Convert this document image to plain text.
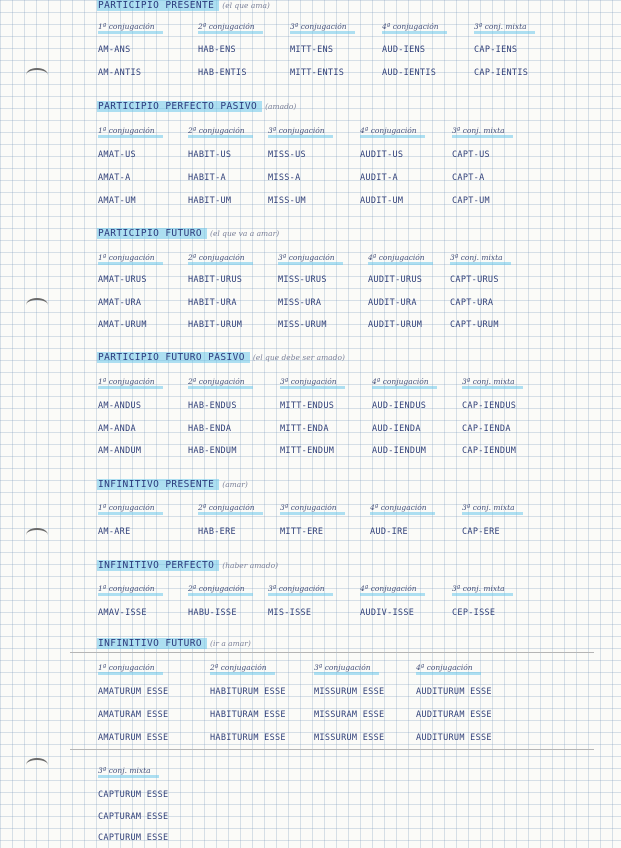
PARTICIPIO PRESENTE (el que ama)
1ª conjugación	2ª conjugación	3ª conjugación	4ª conjugación	3ª conj. mixta
AM-ANS	HAB-ENS	MITT-ENS	AUD-IENS	CAP-IENS
AM-ANTIS	HAB-ENTIS	MITT-ENTIS	AUD-IENTIS	CAP-IENTIS
PARTICIPIO PERFECTO PASIVO (amado)
1ª conjugación	2ª conjugación	3ª conjugación	4ª conjugación	3ª conj. mixta
AMAT-US	HABIT-US	MISS-US	AUDIT-US	CAPT-US
AMAT-A	HABIT-A	MISS-A	AUDIT-A	CAPT-A
AMAT-UM	HABIT-UM	MISS-UM	AUDIT-UM	CAPT-UM
PARTICIPIO FUTURO (el que va a amar)
1ª conjugación	2ª conjugación	3ª conjugación	4ª conjugación	3ª conj. mixta
AMAT-URUS	HABIT-URUS	MISS-URUS	AUDIT-URUS	CAPT-URUS
AMAT-URA	HABIT-URA	MISS-URA	AUDIT-URA	CAPT-URA
AMAT-URUM	HABIT-URUM	MISS-URUM	AUDIT-URUM	CAPT-URUM
PARTICIPIO FUTURO PASIVO (el que debe ser amado)
1ª conjugación	2ª conjugación	3ª conjugación	4ª conjugación	3ª conj. mixta
AM-ANDUS	HAB-ENDUS	MITT-ENDUS	AUD-IENDUS	CAP-IENDUS
AM-ANDA	HAB-ENDA	MITT-ENDA	AUD-IENDA	CAP-IENDA
AM-ANDUM	HAB-ENDUM	MITT-ENDUM	AUD-IENDUM	CAP-IENDUM
INFINITIVO PRESENTE (amar)
1ª conjugación	2ª conjugación	3ª conjugación	4ª conjugación	3ª conj. mixta
AM-ARE	HAB-ERE	MITT-ERE	AUD-IRE	CAP-ERE
INFINITIVO PERFECTO (haber amado)
1ª conjugación	2ª conjugación	3ª conjugación	4ª conjugación	3ª conj. mixta
AMAV-ISSE	HABU-ISSE	MIS-ISSE	AUDIV-ISSE	CEP-ISSE
INFINITIVO FUTURO (ir a amar)
1ª conjugación	2ª conjugación	3ª conjugación	4ª conjugación
AMATURUM ESSE	HABITURUM ESSE	MISSURUM ESSE	AUDITURUM ESSE
AMATURAM ESSE	HABITURAM ESSE	MISSURAM ESSE	AUDITURAM ESSE
AMATURUM ESSE	HABITURUM ESSE	MISSURUM ESSE	AUDITURUM ESSE
3ª conj. mixta
CAPTURUM ESSE
CAPTURAM ESSE
CAPTURUM ESSE
